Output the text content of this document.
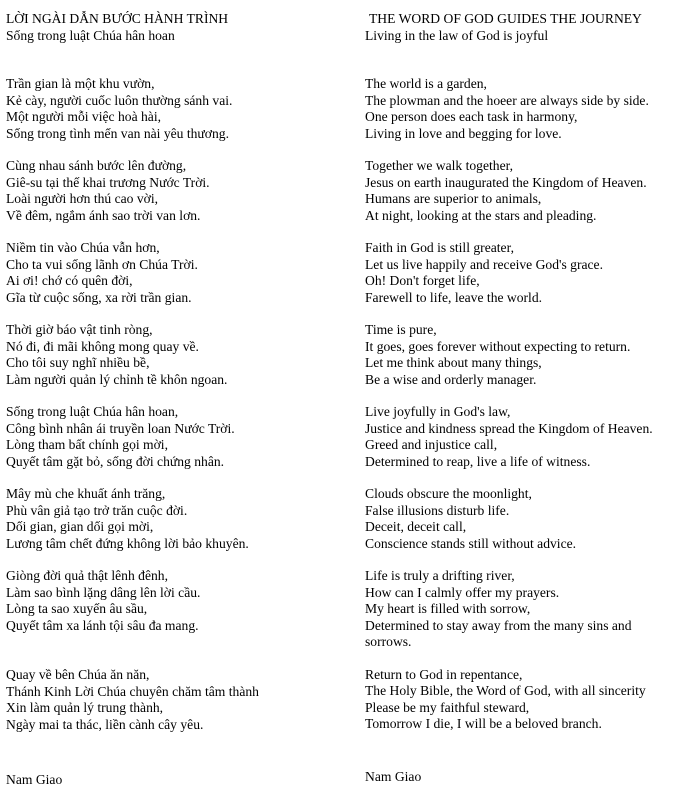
LỜI NGÀI DẪN BƯỚC HÀNH TRÌNH
Sống trong luật Chúa hân hoan
Trần gian là một khu vườn,
Kẻ cày, người cuốc luôn thường sánh vai.
Một người mỗi việc hoà hài,
Sống trong tình mến van nài yêu thương.
Cùng nhau sánh bước lên đường,
Giê-su tại thế khai trương Nước Trời.
Loài người hơn thú cao vời,
Về đêm, ngắm ánh sao trời van lơn.
Niềm tin vào Chúa vẫn hơn,
Cho ta vui sống lãnh ơn Chúa Trời.
Ai ơi! chớ có quên đời,
Gĩa từ cuộc sống, xa rời trần gian.
Thời giờ báo vật tinh ròng,
Nó đi, đi mãi không mong quay về.
Cho tôi suy nghĩ nhiều bề,
Làm người quản lý chỉnh tề khôn ngoan.
Sống trong luật Chúa hân hoan,
Công bình nhân ái truyền loan Nước Trời.
Lòng tham bất chính gọi mời,
Quyết tâm gặt bỏ, sống đời chứng nhân.
Mây mù che khuất ánh trăng,
Phù vân giả tạo trở trăn cuộc đời.
Dối gian, gian dối gọi mời,
Lương tâm chết đứng không lời bảo khuyên.
Giòng đời quả thật lênh đênh,
Làm sao bình lặng dâng lên lời cầu.
Lòng ta sao xuyến âu sầu,
Quyết tâm xa lánh tội sâu đa mang.
Quay về bên Chúa ăn năn,
Thánh Kinh Lời Chúa chuyên chăm tâm thành
Xin làm quản lý trung thành,
Ngày mai ta thác, liền cành cây yêu.
Nam Giao
THE WORD OF GOD GUIDES THE JOURNEY
Living in the law of God is joyful
The world is a garden,
The plowman and the hoeer are always side by side.
One person does each task in harmony,
Living in love and begging for love.
Together we walk together,
Jesus on earth inaugurated the Kingdom of Heaven.
Humans are superior to animals,
At night, looking at the stars and pleading.
Faith in God is still greater,
Let us live happily and receive God's grace.
Oh! Don't forget life,
Farewell to life, leave the world.
Time is pure,
It goes, goes forever without expecting to return.
Let me think about many things,
Be a wise and orderly manager.
Live joyfully in God's law,
Justice and kindness spread the Kingdom of Heaven.
Greed and injustice call,
Determined to reap, live a life of witness.
Clouds obscure the moonlight,
False illusions disturb life.
Deceit, deceit call,
Conscience stands still without advice.
Life is truly a drifting river,
How can I calmly offer my prayers.
My heart is filled with sorrow,
Determined to stay away from the many sins and sorrows.
Return to God in repentance,
The Holy Bible, the Word of God, with all sincerity
Please be my faithful steward,
Tomorrow I die, I will be a beloved branch.
Nam Giao
